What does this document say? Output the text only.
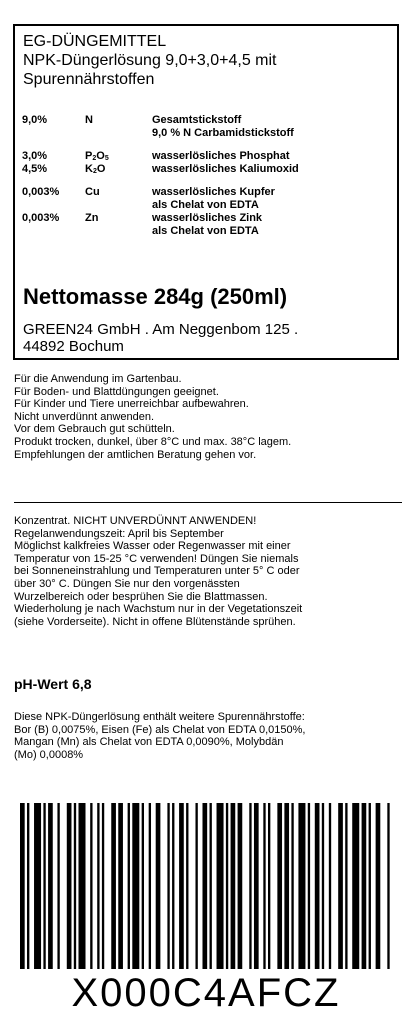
EG-DÜNGEMITTEL
NPK-Düngerlösung 9,0+3,0+4,5 mit
Spurennährstoffen
9,0%	N	Gesamtstickstoff
9,0 % N Carbamidstickstoff
3,0%	$P_2O_5$	wasserlösliches Phosphat
4,5%	$K_2O$	wasserlösliches Kaliumoxid
0,003% Cu	wasserlösliches Kupfer
als Chelat von EDTA
0,003% Zn	wasserlösliches Zink
als Chelat von EDTA
Nettomasse 284g (250ml)
GREEN24 GmbH . Am Neggenbom 125 .
44892 Bochum
Für die Anwendung im Gartenbau.
Für Boden- und Blattdüngungen geeignet.
Für Kinder und Tiere unerreichbar aufbewahren.
Nicht unverdünnt anwenden.
Vor dem Gebrauch gut schütteln.
Produkt trocken, dunkel, über 8°C und max. 38°C lagem.
Empfehlungen der amtlichen Beratung gehen vor.
Konzentrat. NICHT UNVERDÜNNT ANWENDEN!
Regelanwendungszeit: April bis September
Möglichst kalkfreies Wasser oder Regenwasser mit einer
Temperatur von 15-25 °C verwenden! Düngen Sie niemals
bei Sonneneinstrahlung und Temperaturen unter 5° C oder
über 30° C. Düngen Sie nur den vorgenässten
Wurzelbereich oder besprühen Sie die Blattmassen.
Wiederholung je nach Wachstum nur in der Vegetationszeit
(siehe Vorderseite). Nicht in offene Blütenstände sprühen.
pH-Wert 6,8
Diese NPK-Düngerlösung enthält weitere Spurennährstoffe:
Bor (B) 0,0075%, Eisen (Fe) als Chelat von EDTA 0,0150%,
Mangan (Mn) als Chelat von EDTA 0,0090%, Molybdän
(Mo) 0,0008%
X000C4AFCZ
